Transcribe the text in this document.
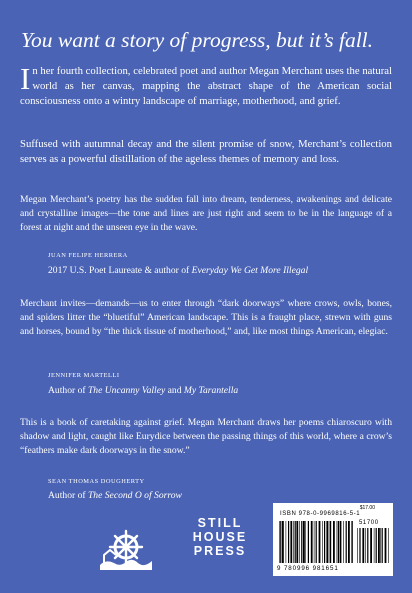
You want a story of progress, but it’s fall.
In her fourth collection, celebrated poet and author Megan Merchant uses the natural world as her canvas, mapping the abstract shape of the American social consciousness onto a wintry landscape of marriage, motherhood, and grief.
Suffused with autumnal decay and the silent promise of snow, Merchant’s collection serves as a powerful distillation of the ageless themes of memory and loss.
Megan Merchant’s poetry has the sudden fall into dream, tenderness, awakenings and delicate and crystalline images—the tone and lines are just right and seem to be in the language of a forest at night and the unseen eye in the wave.
JUAN FELIPE HERRERA
2017 U.S. Poet Laureate & author of Everyday We Get More Illegal
Merchant invites—demands—us to enter through “dark doorways” where crows, owls, bones, and spiders litter the “bluetiful” American landscape. This is a fraught place, strewn with guns and horses, bound by “the thick tissue of motherhood,” and, like most things American, elegiac.
JENNIFER MARTELLI
Author of The Uncanny Valley and My Tarantella
This is a book of caretaking against grief. Megan Merchant draws her poems chiaroscuro with shadow and light, caught like Eurydice between the passing things of this world, where a crow’s “feathers make dark doorways in the snow.”
SEAN THOMAS DOUGHERTY
Author of The Second O of Sorrow
STILL
HOUSE
PRESS
$17.00
ISBN 978-0-9969816-5-1
51700
9 780996 981651
